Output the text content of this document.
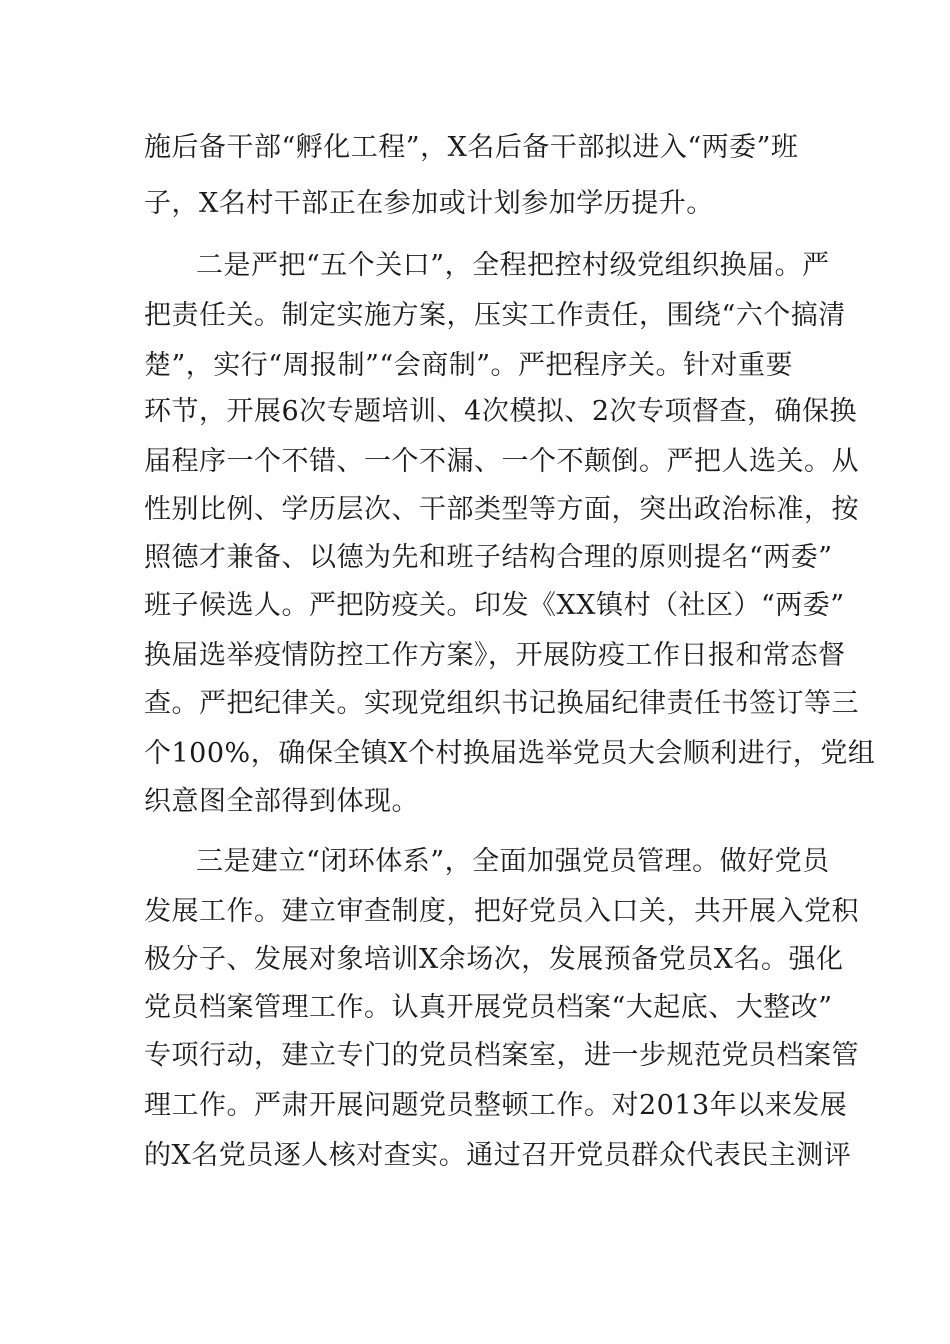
施后备干部“孵化工程”，X名后备干部拟进入“两委”班
子，X名村干部正在参加或计划参加学历提升。
二是严把“五个关口”，全程把控村级党组织换届。严
把责任关。制定实施方案，压实工作责任，围绕“六个搞清
楚”，实行“周报制”“会商制”。严把程序关。针对重要
环节，开展6次专题培训、4次模拟、2次专项督查，确保换
届程序一个不错、一个不漏、一个不颠倒。严把人选关。从
性别比例、学历层次、干部类型等方面，突出政治标准，按
照德才兼备、以德为先和班子结构合理的原则提名“两委”
班子候选人。严把防疫关。印发《XX镇村（社区）“两委”
换届选举疫情防控工作方案》，开展防疫工作日报和常态督
查。严把纪律关。实现党组织书记换届纪律责任书签订等三
个100%，确保全镇X个村换届选举党员大会顺利进行，党组
织意图全部得到体现。
三是建立“闭环体系”，全面加强党员管理。做好党员
发展工作。建立审查制度，把好党员入口关，共开展入党积
极分子、发展对象培训X余场次，发展预备党员X名。强化
党员档案管理工作。认真开展党员档案“大起底、大整改”
专项行动，建立专门的党员档案室，进一步规范党员档案管
理工作。严肃开展问题党员整顿工作。对2013年以来发展
的X名党员逐人核对查实。通过召开党员群众代表民主测评
